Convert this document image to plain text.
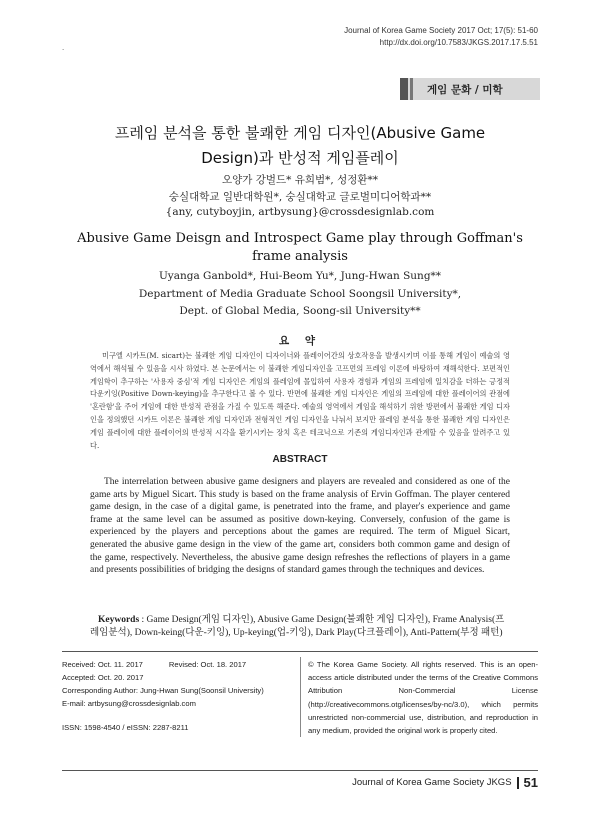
·
Journal of Korea Game Society 2017 Oct; 17(5): 51-60
http://dx.doi.org/10.7583/JKGS.2017.17.5.51
게임 문화 / 미학
프레임 분석을 통한 불쾌한 게임 디자인(Abusive Game
Design)과 반성적 게임플레이
오양가 강벌드* 유희범*, 성정환**
숭실대학교 일반대학원*, 숭실대학교 글로벌미디어학과**
{any, cutyboyjin, artbysung}@crossdesignlab.com
Abusive Game Deisgn and Introspect Game play through Goffman's
frame analysis
Uyanga Ganbold*, Hui-Beom Yu*, Jung-Hwan Sung**
Department of Media Graduate School Soongsil University*,
Dept. of Global Media, Soong-sil University**
요 약
미구엘 시카트(M. sicart)는 불쾌한 게임 디자인이 디자이너와 플레이어간의 상호작용을 발생시키며 이를 통해 게임이 예술의 영역에서 해석될 수 있음을 시사 하였다. 본 논문에서는 이 불쾌한 게임디자인을 고프먼의 프레임 이론에 바탕하여 재해석한다. 보편적인 게임학이 추구하는 '사용자 중심'적 게임 디자인은 게임의 플레임에 몰입하여 사용자 경험과 게임의 프레임에 일치감을 더하는 긍정적 다운키잉(Positive Down-keying)을 추구한다고 볼 수 있다. 반면에 불쾌한 게임 디자인은 게임의 프레임에 대한 플레이어의 관점에 '혼란함'을 주어 게임에 대한 반성적 관점을 가질 수 있도록 해준다. 예술의 영역에서 게임을 해석하기 위한 방편에서 불쾌한 게임 디자인을 정의했던 시카트 이론은 불쾌한 게임 디자인과 전형적인 게임 디자인을 나눠서 보지만 플레임 분석을 통한 불쾌한 게임 디자인은 게임 플레이에 대한 플레이어의 반성적 시각을 환기시키는 장치 혹은 테크닉으로 기존의 게임디자인과 관계할 수 있음을 알려주고 있다.
ABSTRACT
The interrelation between abusive game designers and players are revealed and considered as one of the game arts by Miguel Sicart. This study is based on the frame analysis of Ervin Goffman. The player centered game design, in the case of a digital game, is penetrated into the frame, and player's experience and game frame at the same level can be assumed as positive down-keying. Conversely, confusion of the game is experienced by the players and perceptions about the games are required. The term of Miguel Sicart, generated the abusive game design in the view of the game art, considers both common game and design of the game, respectively. Nevertheless, the abusive game design refreshes the reflections of players in a game and presents possibilities of bridging the designs of standard games through the techniques and devices.
Keywords : Game Design(게임 디자인), Abusive Game Design(불쾌한 게임 디자인), Frame Analysis(프레임분석), Down-keing(다운-키잉), Up-keying(업-키잉), Dark Play(다크플레이), Anti-Pattern(부정 패턴)
Received: Oct. 11. 2017	Revised: Oct. 18. 2017
Accepted: Oct. 20. 2017
Corresponding Author: Jung-Hwan Sung(Soonsil University)
E-mail: artbysung@crossdesignlab.com
ISSN: 1598-4540 / eISSN: 2287-8211
© The Korea Game Society. All rights reserved. This is an open-access article distributed under the terms of the Creative Commons Attribution Non-Commercial License (http://creativecommons.otg/licenses/by-nc/3.0), which permits unrestricted non-commercial use, distribution, and reproduction in any medium, provided the original work is properly cited.
Journal of Korea Game Society JKGS 51
